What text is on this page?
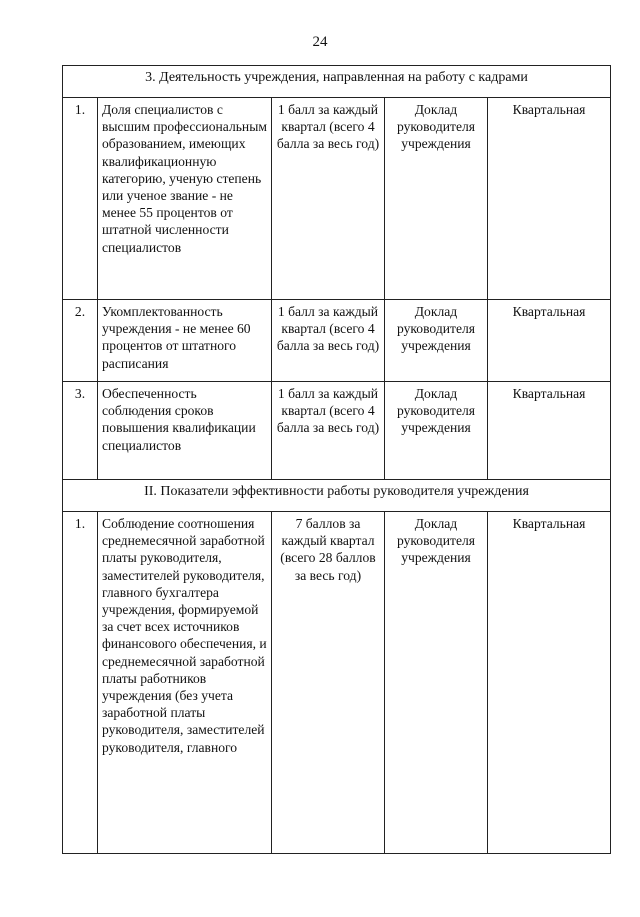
24
3. Деятельность учреждения, направленная на работу с кадрами				
1.	Доля специалистов с высшим профессиональным образованием, имеющих квалификационную категорию, ученую степень или ученое звание - не менее 55 процентов от штатной численности специалистов	1 балл за каждый квартал (всего 4 балла за весь год)	Доклад руководителя учреждения	Квартальная
2.	Укомплектованность учреждения - не менее 60 процентов от штатного расписания	1 балл за каждый квартал (всего 4 балла за весь год)	Доклад руководителя учреждения	Квартальная
3.	Обеспеченность соблюдения сроков повышения квалификации специалистов	1 балл за каждый квартал (всего 4 балла за весь год)	Доклад руководителя учреждения	Квартальная
II. Показатели эффективности работы руководителя учреждения				
1.	Соблюдение соотношения среднемесячной заработной платы руководителя, заместителей руководителя, главного бухгалтера учреждения, формируемой за счет всех источников финансового обеспечения, и среднемесячной заработной платы работников учреждения (без учета заработной платы руководителя, заместителей руководителя, главного	7 баллов за каждый квартал (всего 28 баллов за весь год)	Доклад руководителя учреждения	Квартальная
